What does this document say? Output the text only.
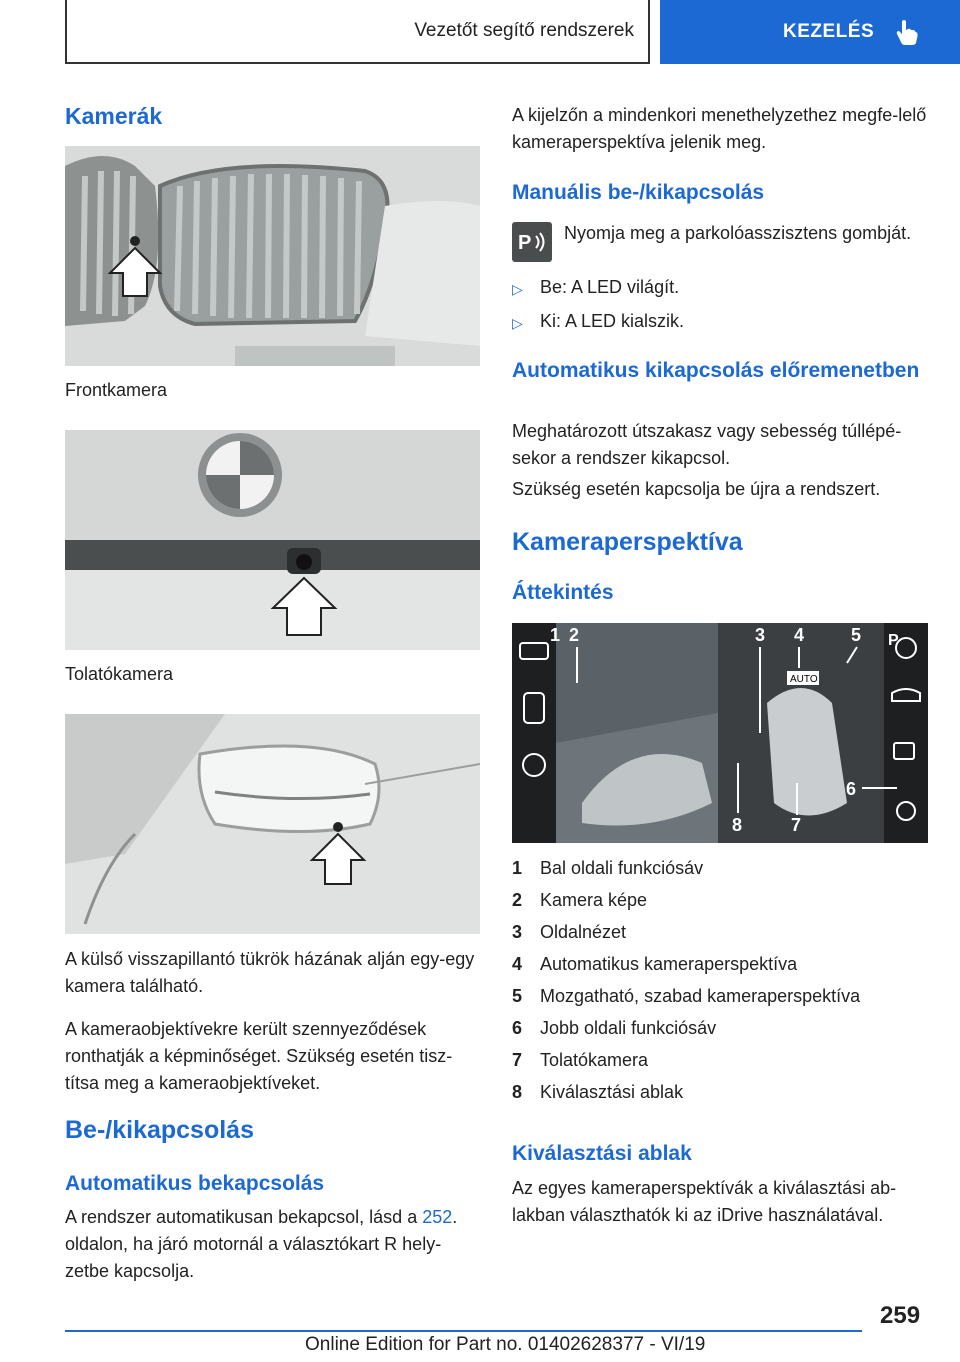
Vezetőt segítő rendszerek	KEZELÉS
Kamerák
Frontkamera
Tolatókamera

A külső visszapillantó tükrök házának alján egy-egy kamera található.

A kameraobjektívekre került szennyeződések ronthatják a képminőséget. Szükség esetén tisz-títsa meg a kameraobjektíveket.

Be-/kikapcsolás
Automatikus bekapcsolás

A rendszer automatikusan bekapcsol, lásd a 252. oldalon, ha járó motornál a választókart R hely-zetbe kapcsolja.

A kijelzőn a mindenkori menethelyzethez megfe-lelő kameraperspektíva jelenik meg.

Manuális be-/kikapcsolás
P Nyomja meg a parkolóasszisztens gombját.

▷ Be: A LED világít.
▷ Ki: A LED kialszik.
Automatikus kikapcsolás előremenetben

Meghatározott útszakasz vagy sebesség túllépé-sekor a rendszer kikapcsol.

Szükség esetén kapcsolja be újra a rendszert.

Kameraperspektíva
Áttekintés
1 2	3 4	5
6
7
8
AUTO
P
1 Bal oldali funkciósáv
2 Kamera képe
3 Oldalnézet
4 Automatikus kameraperspektíva
5 Mozgatható, szabad kameraperspektíva
6 Jobb oldali funkciósáv
7 Tolatókamera
8 Kiválasztási ablak
Kiválasztási ablak

Az egyes kameraperspektívák a kiválasztási ab-lakban választhatók ki az iDrive használatával.

259
Online Edition for Part no. 01402628377 - VI/19
